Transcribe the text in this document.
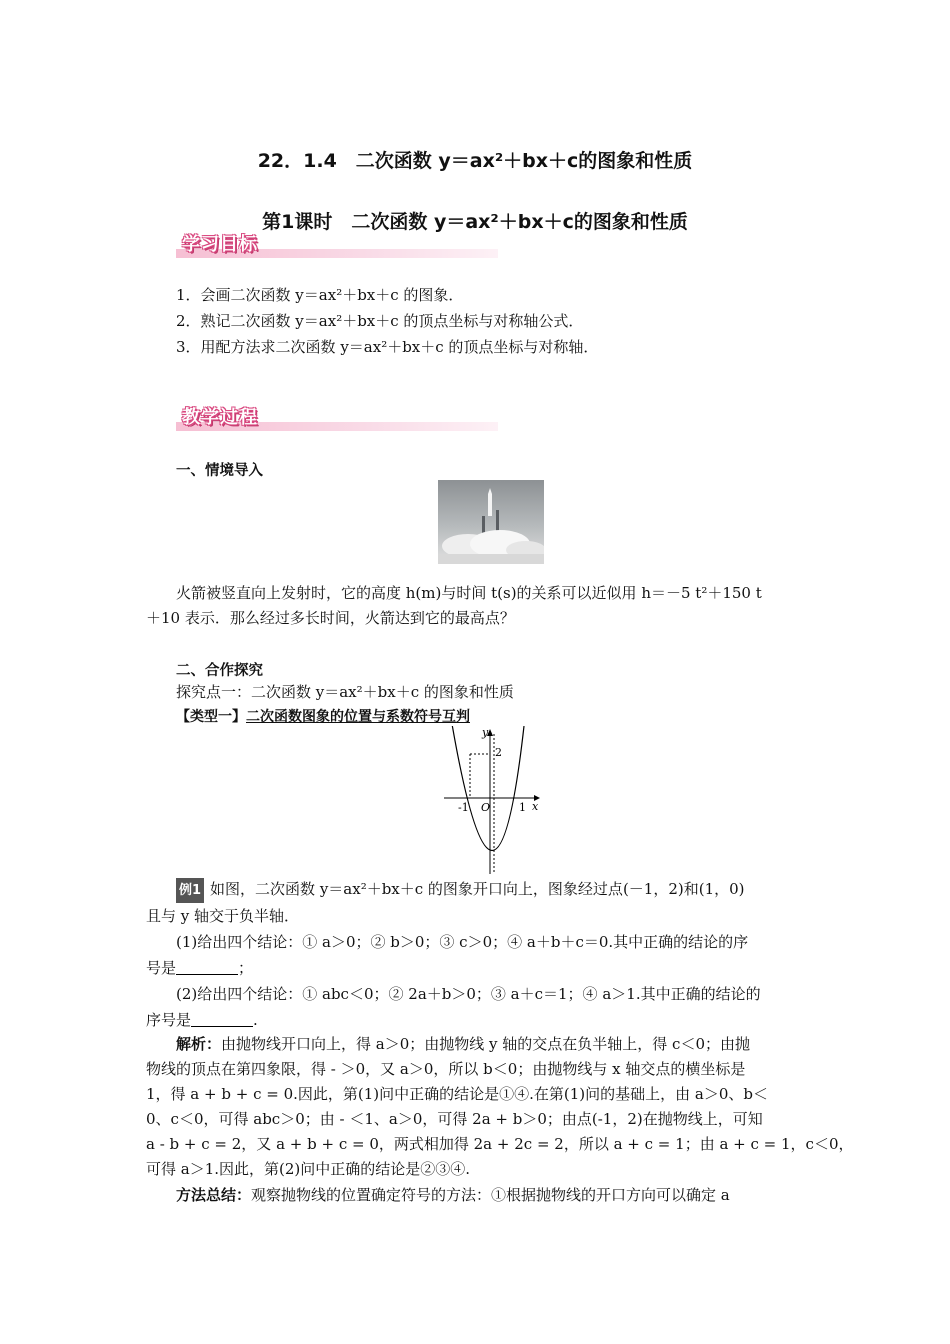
22．1.4　二次函数 y＝ax²＋bx＋c的图象和性质
第1课时　二次函数 y＝ax²＋bx＋c的图象和性质
学习目标
1．会画二次函数 y＝ax²＋bx＋c 的图象．
2．熟记二次函数 y＝ax²＋bx＋c 的顶点坐标与对称轴公式．
3．用配方法求二次函数 y＝ax²＋bx＋c 的顶点坐标与对称轴．
教学过程
一、情境导入
火箭被竖直向上发射时，它的高度 h(m)与时间 t(s)的关系可以近似用 h＝－5 t²＋150 t
＋10 表示．那么经过多长时间，火箭达到它的最高点？
二、合作探究
探究点一：二次函数 y＝ax²＋bx＋c 的图象和性质
【类型一】二次函数图象的位置与系数符号互判
y
x
O
-1	1
2
例1 如图，二次函数 y＝ax²＋bx＋c 的图象开口向上，图象经过点(－1，2)和(1，0)
且与 y 轴交于负半轴．
(1)给出四个结论：① a＞0；② b＞0；③ c＞0；④ a＋b＋c＝0.其中正确的结论的序
号是	；
(2)给出四个结论：① abc＜0；② 2a＋b＞0；③ a＋c＝1；④ a＞1.其中正确的结论的
序号是	.
解析：由抛物线开口向上，得 a＞0；由抛物线 y 轴的交点在负半轴上，得 c＜0；由抛
物线的顶点在第四象限，得 - ＞0，又 a＞0，所以 b＜0；由抛物线与 x 轴交点的横坐标是
1，得 a + b + c = 0.因此，第(1)问中正确的结论是①④.在第(1)问的基础上，由 a＞0、b＜
0、c＜0，可得 abc＞0；由 - ＜1、a＞0，可得 2a + b＞0；由点(-1，2)在抛物线上，可知
a - b + c = 2，又 a + b + c = 0，两式相加得 2a + 2c = 2，所以 a + c = 1；由 a + c = 1，c＜0，
可得 a＞1.因此，第(2)问中正确的结论是②③④.
方法总结：观察抛物线的位置确定符号的方法：①根据抛物线的开口方向可以确定 a
